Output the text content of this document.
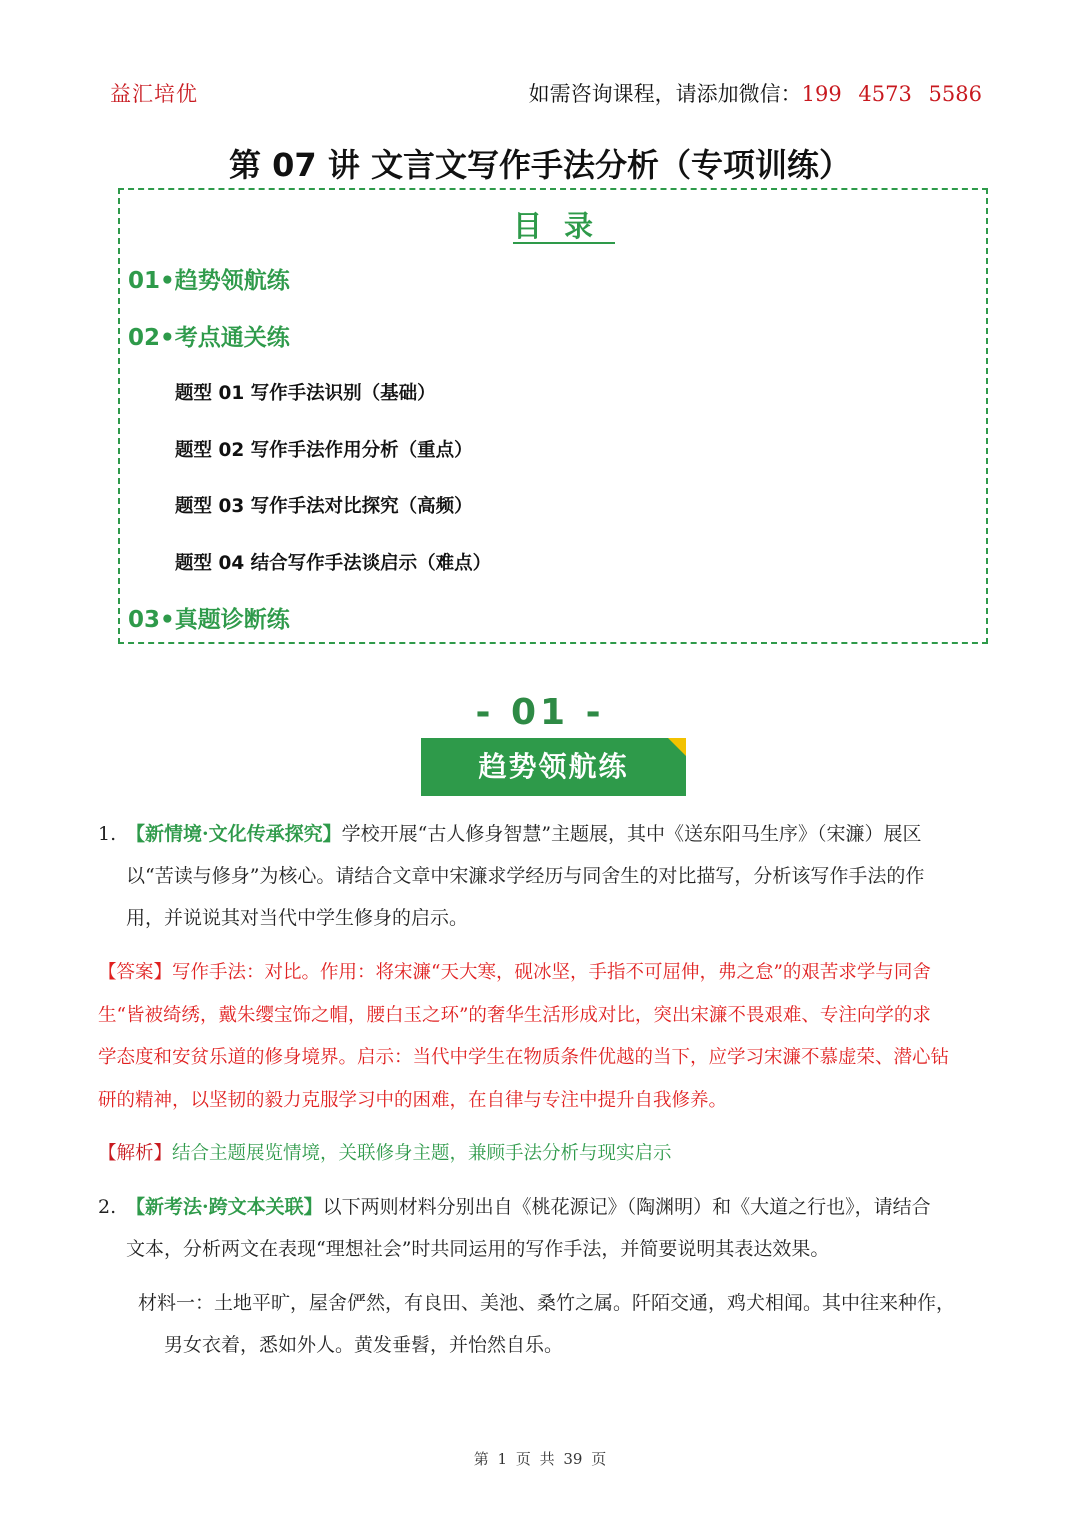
益汇培优	如需咨询课程，请添加微信：199 4573 5586
第 07 讲 文言文写作手法分析（专项训练）
目录
01•趋势领航练
02•考点通关练
题型 01 写作手法识别（基础）
题型 02 写作手法作用分析（重点）
题型 03 写作手法对比探究（高频）
题型 04 结合写作手法谈启示（难点）
03•真题诊断练
- 01 -
趋势领航练
1. 【新情境·文化传承探究】学校开展“古人修身智慧”主题展，其中《送东阳马生序》（宋濂）展区
以“苦读与修身”为核心。请结合文章中宋濂求学经历与同舍生的对比描写，分析该写作手法的作
用，并说说其对当代中学生修身的启示。
【答案】写作手法：对比。作用：将宋濂“天大寒，砚冰坚，手指不可屈伸，弗之怠”的艰苦求学与同舍
生“皆被绮绣，戴朱缨宝饰之帽，腰白玉之环”的奢华生活形成对比，突出宋濂不畏艰难、专注向学的求
学态度和安贫乐道的修身境界。启示：当代中学生在物质条件优越的当下，应学习宋濂不慕虚荣、潜心钻
研的精神，以坚韧的毅力克服学习中的困难，在自律与专注中提升自我修养。
【解析】结合主题展览情境，关联修身主题，兼顾手法分析与现实启示
2. 【新考法·跨文本关联】以下两则材料分别出自《桃花源记》（陶渊明）和《大道之行也》，请结合
文本，分析两文在表现“理想社会”时共同运用的写作手法，并简要说明其表达效果。
材料一：土地平旷，屋舍俨然，有良田、美池、桑竹之属。阡陌交通，鸡犬相闻。其中往来种作，
男女衣着，悉如外人。黄发垂髫，并怡然自乐。
第 1 页 共 39 页
